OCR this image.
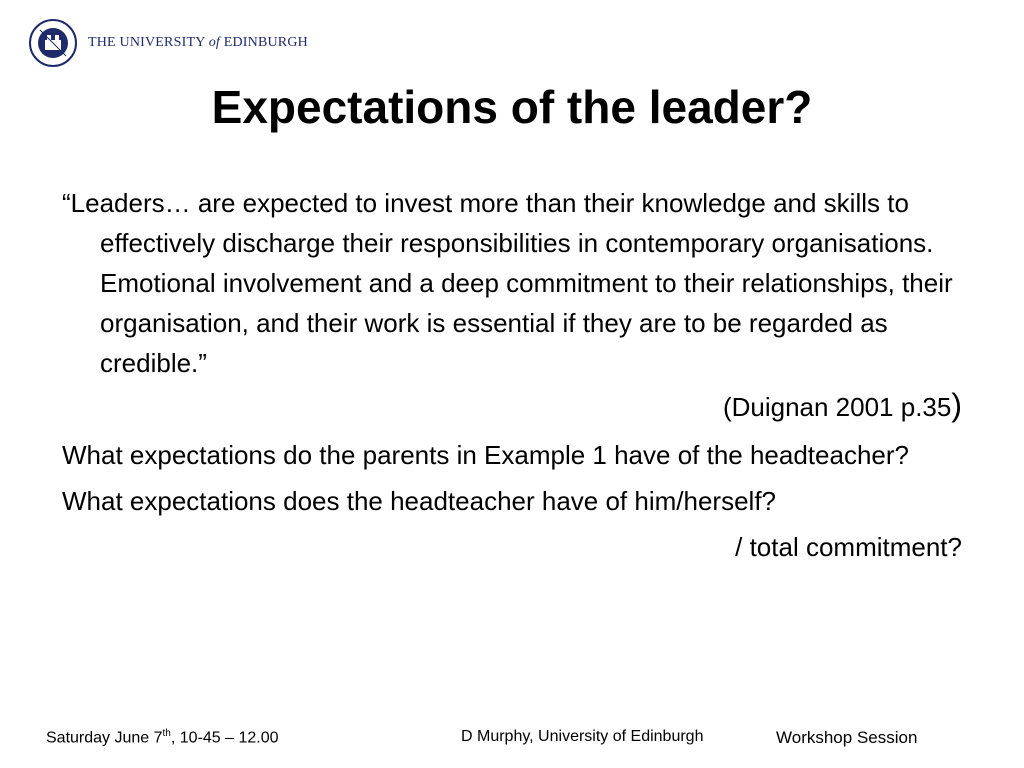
THE UNIVERSITY of EDINBURGH
Expectations of the leader?

“Leaders… are expected to invest more than their knowledge and skills to effectively discharge their responsibilities in contemporary organisations. Emotional involvement and a deep commitment to their relationships, their organisation, and their work is essential if they are to be regarded as credible.”

(Duignan 2001 p.35)

What expectations do the parents in Example 1 have of the headteacher?

What expectations does the headteacher have of him/herself?

/ total commitment?

Saturday June 7th, 10-45 – 12.00	D Murphy, University of Edinburgh	Workshop Session
